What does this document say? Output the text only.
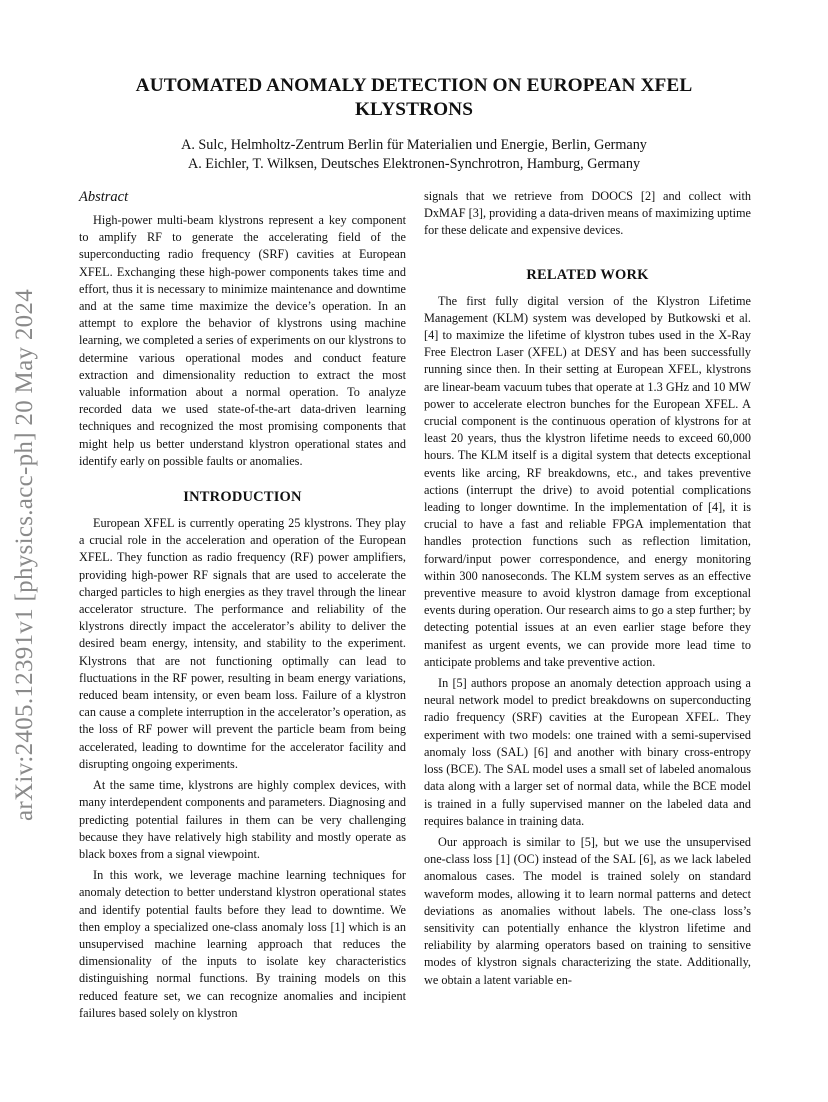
arXiv:2405.12391v1 [physics.acc-ph] 20 May 2024
AUTOMATED ANOMALY DETECTION ON EUROPEAN XFEL KLYSTRONS
A. Sulc, Helmholtz-Zentrum Berlin für Materialien und Energie, Berlin, Germany
A. Eichler, T. Wilksen, Deutsches Elektronen-Synchrotron, Hamburg, Germany
Abstract

High-power multi-beam klystrons represent a key component to amplify RF to generate the accelerating field of the superconducting radio frequency (SRF) cavities at European XFEL. Exchanging these high-power components takes time and effort, thus it is necessary to minimize maintenance and downtime and at the same time maximize the device’s operation. In an attempt to explore the behavior of klystrons using machine learning, we completed a series of experiments on our klystrons to determine various operational modes and conduct feature extraction and dimensionality reduction to extract the most valuable information about a normal operation. To analyze recorded data we used state-of-the-art data-driven learning techniques and recognized the most promising components that might help us better understand klystron operational states and identify early on possible faults or anomalies.

INTRODUCTION

European XFEL is currently operating 25 klystrons. They play a crucial role in the acceleration and operation of the European XFEL. They function as radio frequency (RF) power amplifiers, providing high-power RF signals that are used to accelerate the charged particles to high energies as they travel through the linear accelerator structure. The performance and reliability of the klystrons directly impact the accelerator’s ability to deliver the desired beam energy, intensity, and stability to the experiment. Klystrons that are not functioning optimally can lead to fluctuations in the RF power, resulting in beam energy variations, reduced beam intensity, or even beam loss. Failure of a klystron can cause a complete interruption in the accelerator’s operation, as the loss of RF power will prevent the particle beam from being accelerated, leading to downtime for the accelerator facility and disrupting ongoing experiments.

At the same time, klystrons are highly complex devices, with many interdependent components and parameters. Diagnosing and predicting potential failures in them can be very challenging because they have relatively high stability and mostly operate as black boxes from a signal viewpoint.

In this work, we leverage machine learning techniques for anomaly detection to better understand klystron operational states and identify potential faults before they lead to downtime. We then employ a specialized one-class anomaly loss [1] which is an unsupervised machine learning approach that reduces the dimensionality of the inputs to isolate key characteristics distinguishing normal functions. By training models on this reduced feature set, we can recognize anomalies and incipient failures based solely on klystron

signals that we retrieve from DOOCS [2] and collect with DxMAF [3], providing a data-driven means of maximizing uptime for these delicate and expensive devices.

RELATED WORK

The first fully digital version of the Klystron Lifetime Management (KLM) system was developed by Butkowski et al. [4] to maximize the lifetime of klystron tubes used in the X-Ray Free Electron Laser (XFEL) at DESY and has been successfully running since then. In their setting at European XFEL, klystrons are linear-beam vacuum tubes that operate at 1.3 GHz and 10 MW power to accelerate electron bunches for the European XFEL. A crucial component is the continuous operation of klystrons for at least 20 years, thus the klystron lifetime needs to exceed 60,000 hours. The KLM itself is a digital system that detects exceptional events like arcing, RF breakdowns, etc., and takes preventive actions (interrupt the drive) to avoid potential complications leading to longer downtime. In the implementation of [4], it is crucial to have a fast and reliable FPGA implementation that handles protection functions such as reflection limitation, forward/input power correspondence, and energy monitoring within 300 nanoseconds. The KLM system serves as an effective preventive measure to avoid klystron damage from exceptional events during operation. Our research aims to go a step further; by detecting potential issues at an even earlier stage before they manifest as urgent events, we can provide more lead time to anticipate problems and take preventive action.

In [5] authors propose an anomaly detection approach using a neural network model to predict breakdowns on superconducting radio frequency (SRF) cavities at the European XFEL. They experiment with two models: one trained with a semi-supervised anomaly loss (SAL) [6] and another with binary cross-entropy loss (BCE). The SAL model uses a small set of labeled anomalous data along with a larger set of normal data, while the BCE model is trained in a fully supervised manner on the labeled data and requires balance in training data.

Our approach is similar to [5], but we use the unsupervised one-class loss [1] (OC) instead of the SAL [6], as we lack labeled anomalous cases. The model is trained solely on standard waveform modes, allowing it to learn normal patterns and detect deviations as anomalies without labels. The one-class loss’s sensitivity can potentially enhance the klystron lifetime and reliability by alarming operators based on training to sensitive modes of klystron signals characterizing the state. Additionally, we obtain a latent variable en-
